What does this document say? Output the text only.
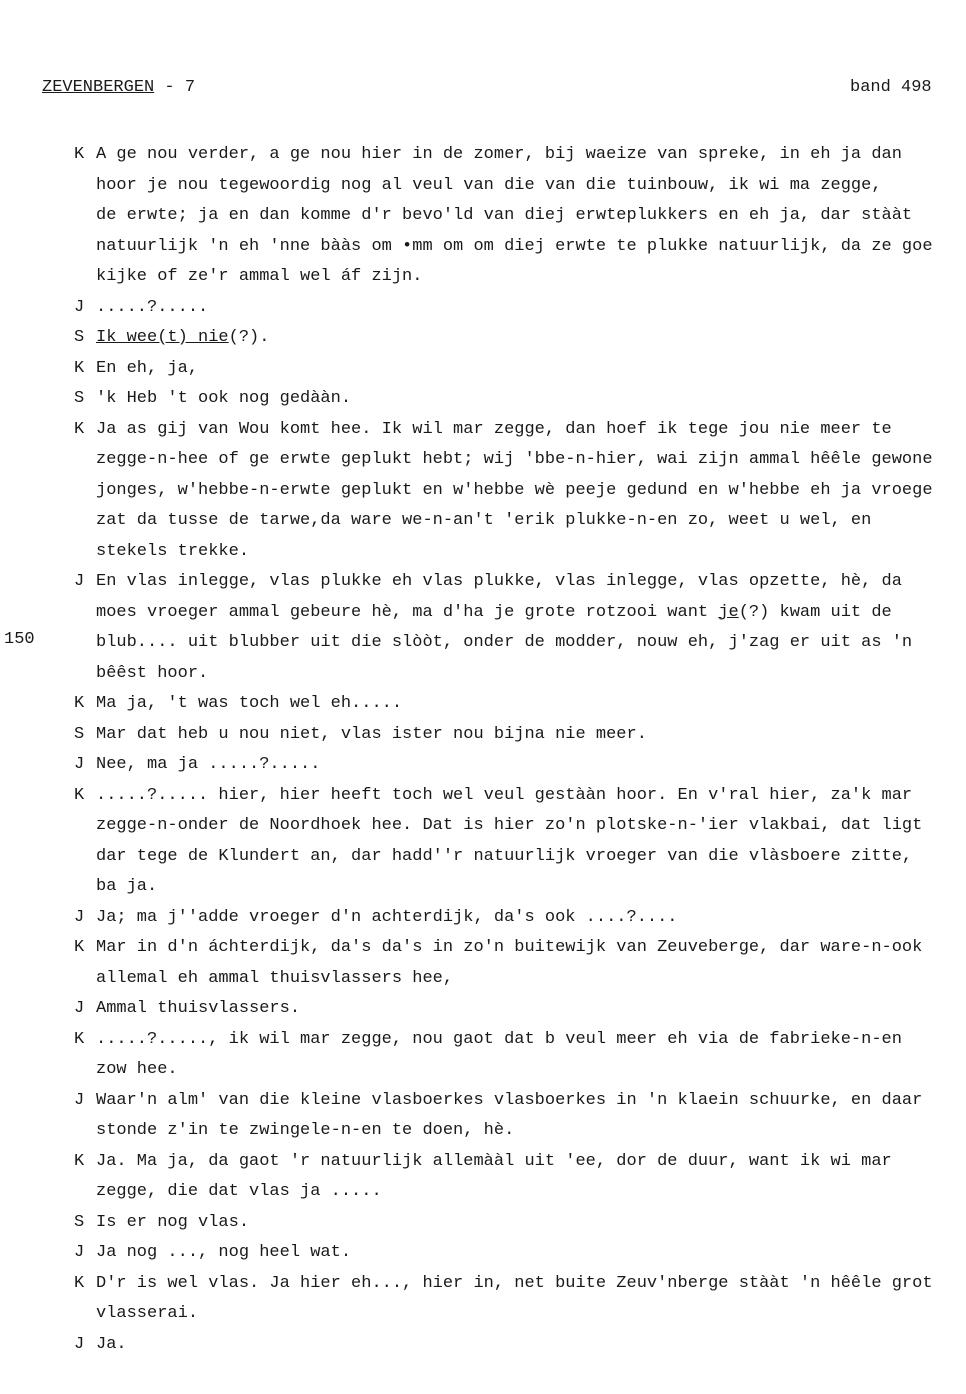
ZEVENBERGEN - 7	band 498
150
K A ge nou verder, a ge nou hier in de zomer, bij waeize van spreke, in eh ja dan
hoor je nou tegewoordig nog al veul van die van die tuinbouw, ik wi ma zegge,
de erwte; ja en dan komme d'r bevo'ld van diej erwteplukkers en eh ja, dar stààt
natuurlijk 'n eh 'nne bààs om •mm om om diej erwte te plukke natuurlijk, da ze goe
kijke of ze'r ammal wel áf zijn.
J .....?.....
S Ik wee(t) nie(?).
K En eh, ja,
S 'k Heb 't ook nog gedààn.
K Ja as gij van Wou komt hee. Ik wil mar zegge, dan hoef ik tege jou nie meer te
zegge-n-hee of ge erwte geplukt hebt; wij 'bbe-n-hier, wai zijn ammal hêêle gewone
jonges, w'hebbe-n-erwte geplukt en w'hebbe wè peeje gedund en w'hebbe eh ja vroege
zat da tusse de tarwe,da ware we-n-an't 'erik plukke-n-en zo, weet u wel, en
stekels trekke.
J En vlas inlegge, vlas plukke eh vlas plukke, vlas inlegge, vlas opzette, hè, da
moes vroeger ammal gebeure hè, ma d'ha je grote rotzooi want je(?) kwam uit de
blub.... uit blubber uit die slòòt, onder de modder, nouw eh, j'zag er uit as 'n
bêêst hoor.
K Ma ja, 't was toch wel eh.....
S Mar dat heb u nou niet, vlas ister nou bijna nie meer.
J Nee, ma ja .....?.....
K .....?..... hier, hier heeft toch wel veul gestààn hoor. En v'ral hier, za'k mar
zegge-n-onder de Noordhoek hee. Dat is hier zo'n plotske-n-'ier vlakbai, dat ligt
dar tege de Klundert an, dar hadd''r natuurlijk vroeger van die vlàsboere zitte,
ba ja.
J Ja; ma j''adde vroeger d'n achterdijk, da's ook ....?....
K Mar in d'n áchterdijk, da's da's in zo'n buitewijk van Zeuveberge, dar ware-n-ook
allemal eh ammal thuisvlassers hee,
J Ammal thuisvlassers.
K .....?....., ik wil mar zegge, nou gaot dat b veul meer eh via de fabrieke-n-en
zow hee.
J Waar'n alm' van die kleine vlasboerkes vlasboerkes in 'n klaein schuurke, en daar
stonde z'in te zwingele-n-en te doen, hè.
K Ja. Ma ja, da gaot 'r natuurlijk allemààl uit 'ee, dor de duur, want ik wi mar
zegge, die dat vlas ja .....
S Is er nog vlas.
J Ja nog ..., nog heel wat.
K D'r is wel vlas. Ja hier eh..., hier in, net buite Zeuv'nberge stààt 'n hêêle grot
vlasserai.
J Ja.
